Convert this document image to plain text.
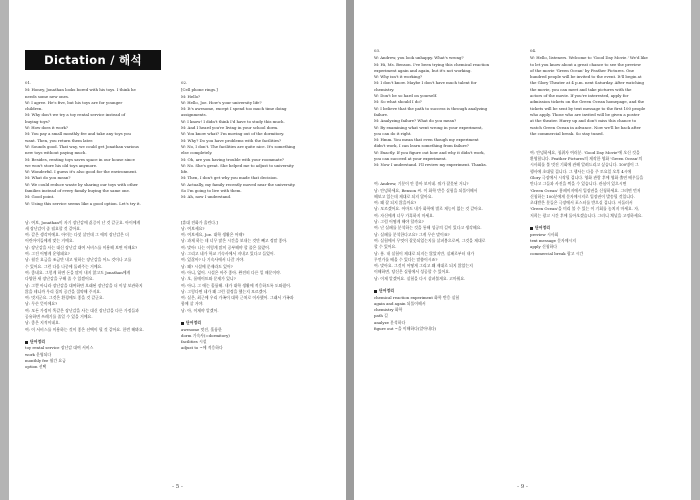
Dictation / 해석
01.
M: Honey, Jonathan looks bored with his toys. I think he
needs some new ones.
W: I agree. He's five, but his toys are for younger
children.
M: Why don't we try a toy rental service instead of
buying toys?
W: How does it work?
M: You pay a small monthly fee and take any toys you
want. Then, you return them later.
W: Sounds good. That way, we could get Jonathan various
new toys without paying much.
M: Besides, renting toys saves space in our house since
we won't store his old toys anymore.
W: Wonderful. I guess it's also good for the environment.
M: What do you mean?
W: We could reduce waste by sharing our toys with other
families instead of every family buying the same one.
M: Good point.
W: Using this service seems like a good option. Let's try it.
남: 여보, Jonathan이 자기 장난감에 싫증이 난 것 같군요. 아이에게
새 장난감이 좀 필요할 것 같아요.
여: 같은 생각이에요. 아이는 다섯 살인데 그 애의 장난감은 더
어린아이들에게 맞는 거예요.
남: 장난감을 사는 대신 장난감 대여 서비스를 이용해 보면 어때요?
여: 그건 어떻게 운영돼요?
남: 월간 요금을 조금만 내고 원하는 장난감을 어느 것이나 고를
수 있어요. 그런 다음 나중에 돌려주는 거예요.
여: 좋네요. 그렇게 하면 돈을 많이 내지 않고도 Jonathan에게
다양한 새 장난감을 구해 줄 수 있겠어요.
남: 그뿐 아니라 장난감을 대여하면 오래된 장난감을 더 이상 보관하지
않을 테니까 우리 집의 공간을 절약해 주지요.
여: 멋지군요. 그것은 환경에도 좋을 것 같군요.
남: 무슨 뜻이에요?
여: 모든 가정이 똑같은 장난감을 사는 대신 장난감을 다른 가정들과
공유하면 쓰레기를 줄일 수 있을 거예요.
남: 좋은 지적이네요.
여: 이 서비스를 이용하는 것이 좋은 선택이 될 것 같아요. 한번 해봐요.
단어정리
toy rental service 장난감 대여 서비스
work 운영되다
monthly fee 월간 요금
option 선택
02.
[Cell phone rings.]
M: Hello?
W: Hello, Joe. How's your university life?
M: It's awesome, except I spend too much time doing
assignments.
W: I know! I didn't think I'd have to study this much.
M: And I heard you're living in your school dorm.
W: You know what? I'm moving out of the dormitory.
M: Why? Do you have problems with the facilities?
W: No, I don't. The facilities are quite nice. It's something
else completely.
M: Oh, are you having trouble with your roommate?
W: No. She's great. She helped me to adjust to university
life.
M: Then, I don't get why you made that decision.
W: Actually, my family recently moved near the university.
So I'm going to live with them.
M: Ah, now I understand.
[휴대 전화가 울린다.]
남: 여보세요?
여: 여보세요, Joe. 대학 생활은 어때?
남: 과제 하는 데 너무 많은 시간을 보내는 것만 빼고 정말 좋아.
여: 맞아! 나는 이렇게 많이 공부해야 할 줄은 몰랐어.
남: 그리고 네가 학교 기숙사에서 지내고 있다고 들었어.
여: 있잖아? 나 기숙사에서 나갈 거야.
남: 왜? 시설에 문제라도 있어?
여: 아니, 없어. 시설은 아주 좋아. 완전히 다른 일 때문이야.
남: 오, 룸메이트와 문제가 있니?
여: 아니. 그 애는 훌륭해. 내가 대학 생활에 적응하도록 도와줬어.
남: 그렇다면 네가 왜 그런 결정을 했는지 모르겠어.
여: 실은, 최근에 우리 가족이 대학 근처로 이사했어. 그래서 가족과
함께 살 거야.
남: 아, 이제야 알겠어.
단어정리
awesome 멋진, 훌륭한
dorm 기숙사(=dormitory)
facilities 시설
adjust to ~에 적응하다
- 5 -
03.
W: Andrew, you look unhappy. What's wrong?
M: Hi, Ms. Benson. I've been trying this chemical reaction
experiment again and again, but it's not working.
W: Why isn't it working?
M: I don't know. Maybe I don't have much talent for
chemistry.
W: Don't be so hard on yourself.
M: So what should I do?
W: I believe that the path to success is through analyzing
failure.
M: Analyzing failure? What do you mean?
W: By examining what went wrong in your experiment,
you can do it right.
M: Hmm. You mean that even though my experiment
didn't work, I can learn something from failure?
W: Exactly. If you figure out how and why it didn't work,
you can succeed at your experiment.
M: Now I understand. I'll review my experiment. Thanks.
여: Andrew, 기분이 안 좋아 보이네. 뭐가 잘못된 거니?
남: 안녕하세요, Benson 씨. 이 화학 반응 실험을 되풀이해서
해보고 있는데 제대로 되지 않아요.
여: 왜 잘 되지 않을까요?
남: 모르겠어요. 아마도 내가 화학에 별로 재능이 없는 것 같아요.
여: 자신에게 너무 가혹하지 마세요.
남: 그럼 어떻게 해야 할까요?
여: 난 실패를 분석하는 것을 통해 성공의 길이 있다고 생각해요.
남: 실패를 분석한다고요? 그게 무슨 말이죠?
여: 실험에서 무엇이 잘못되었는지를 살펴봄으로써, 그것을 제대로
할 수 있어요.
남: 흠. 내 실험이 제대로 되지는 않았지만, 실패로부터 내가
무언가를 배울 수 있다는 말씀이시죠?
여: 맞아요. 그것이 어떻게 그리고 왜 제대로 되지 않았는지
이해하면, 당신은 실험에서 성공할 수 있어요.
남: 이제 알겠어요. 실험을 다시 살펴볼게요. 고마워요.
단어정리
chemical reaction experiment 화학 반응 실험
again and again 되풀이해서
chemistry 화학
path 길
analyze 분석하다
figure out ~을 이해하다(알아내다)
04.
W: Hello, listeners. Welcome to 'Good Day Movie.' We'd like
to let you know about a great chance to see the preview
of the movie 'Green Ocean' by Feather Pictures. One
hundred people will be invited to the event. It'll begin at
the Glory Theater at 4 p.m. next Saturday. After watching
the movie, you can meet and take pictures with the
actors of the movie. If you're interested, apply for
admission tickets on the Green Ocean homepage, and the
tickets will be sent by text message to the first 100 people
who apply. Those who are invited will be given a poster
at the theater. Hurry up and don't miss this chance to
watch Green Ocean in advance. Now we'll be back after
the commercial break. So stay tuned.
여: 안녕하세요, 청취자 여러분. 'Good Day Movie'에 오신 것을
환영합니다. Feather Pictures의 제작한 영화 'Green Ocean'의
시사회를 볼 멋진 기회에 관해 알려드리고 싶습니다. 100명이 그
행사에 초대될 겁니다. 그 행사는 다음 주 토요일 오후 4시에
Glory 극장에서 시작될 겁니다. 영화 관람 후에 영화 출연 배우들을
만나고 그들과 사진을 찍을 수 있습니다. 관심이 있으시면
'Green Ocean' 홈페이지에서 입장권을 신청하세요. 그러면 먼저
신청하는 100분에게 문자메시지로 입장권이 발송될 것입니다.
초대받은 분들은 극장에서 포스터를 받으실 겁니다. 서둘러서
'Green Ocean'을 미리 볼 수 있는 이 기회를 놓치지 마세요. 자,
저희는 광고 시간 후에 돌아오겠습니다. 그러니 채널을 고정하세요.
단어정리
preview 시사회
text message 문자메시지
apply 신청하다
commercial break 광고 시간
- 9 -
